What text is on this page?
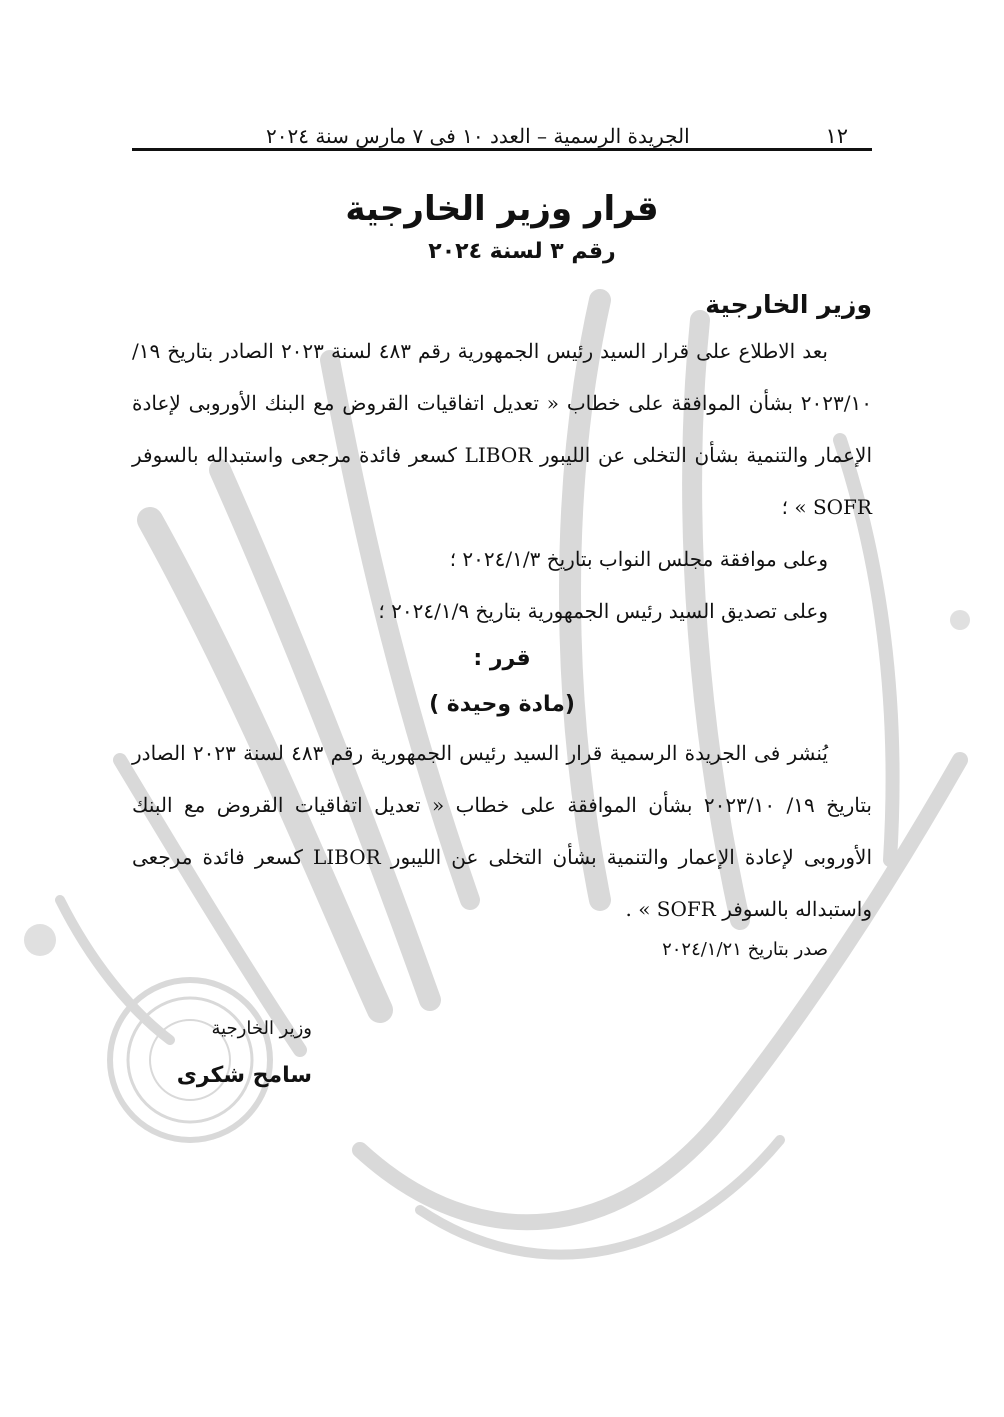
١٢
الجريدة الرسمية – العدد ١٠ فى ٧ مارس سنة ٢٠٢٤
قرار وزير الخارجية
رقم ٣ لسنة ٢٠٢٤
وزير الخارجية

بعد الاطلاع على قرار السيد رئيس الجمهورية رقم ٤٨٣ لسنة ٢٠٢٣ الصادر بتاريخ ١٩/ ٢٠٢٣/١٠ بشأن الموافقة على خطاب « تعديل اتفاقيات القروض مع البنك الأوروبى لإعادة الإعمار والتنمية بشأن التخلى عن الليبور LIBOR كسعر فائدة مرجعى واستبداله بالسوفر SOFR » ؛

وعلى موافقة مجلس النواب بتاريخ ٢٠٢٤/١/٣ ؛

وعلى تصديق السيد رئيس الجمهورية بتاريخ ٢٠٢٤/١/٩ ؛

قرر :
(مادة وحيدة )

يُنشر فى الجريدة الرسمية قرار السيد رئيس الجمهورية رقم ٤٨٣ لسنة ٢٠٢٣ الصادر بتاريخ ١٩/ ٢٠٢٣/١٠ بشأن الموافقة على خطاب « تعديل اتفاقيات القروض مع البنك الأوروبى لإعادة الإعمار والتنمية بشأن التخلى عن الليبور LIBOR كسعر فائدة مرجعى واستبداله بالسوفر SOFR » .

صدر بتاريخ ٢٠٢٤/١/٢١
وزير الخارجية
سامح شكرى
